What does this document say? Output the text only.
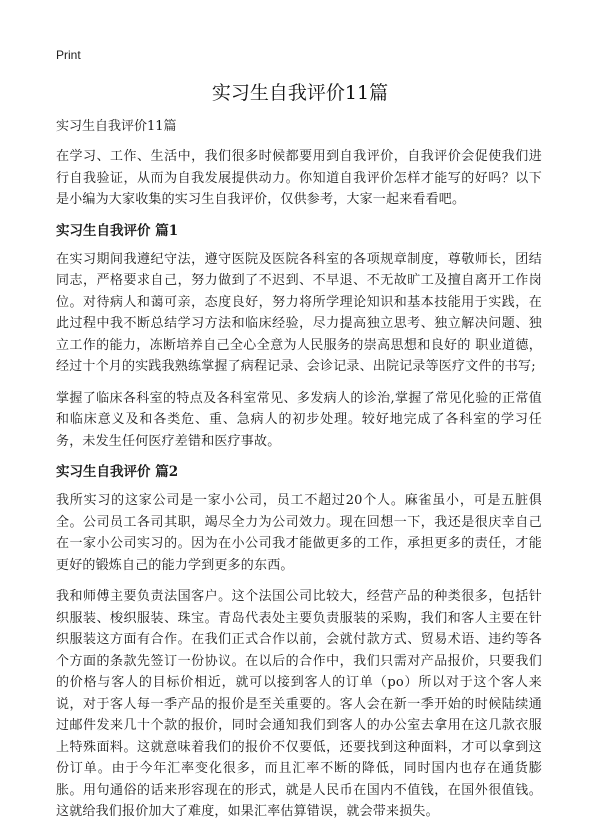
Print
实习生自我评价11篇

实习生自我评价11篇

在学习、工作、生活中，我们很多时候都要用到自我评价，自我评价会促使我们进行自我验证，从而为自我发展提供动力。你知道自我评价怎样才能写的好吗？以下是小编为大家收集的实习生自我评价，仅供参考，大家一起来看看吧。

实习生自我评价 篇1

在实习期间我遵纪守法，遵守医院及医院各科室的各项规章制度，尊敬师长，团结同志，严格要求自己，努力做到了不迟到、不早退、不无故旷工及擅自离开工作岗位。对待病人和蔼可亲，态度良好，努力将所学理论知识和基本技能用于实践，在此过程中我不断总结学习方法和临床经验，尽力提高独立思考、独立解决问题、独立工作的能力，冻断培养自己全心全意为人民服务的崇高思想和良好的 职业道德，经过十个月的实践我熟练掌握了病程记录、会诊记录、出院记录等医疗文件的书写;

掌握了临床各科室的特点及各科室常见、多发病人的诊治,掌握了常见化验的正常值和临床意义及和各类危、重、急病人的初步处理。较好地完成了各科室的学习任务，未发生任何医疗差错和医疗事故。

实习生自我评价 篇2

我所实习的这家公司是一家小公司，员工不超过20个人。麻雀虽小，可是五脏俱全。公司员工各司其职，竭尽全力为公司效力。现在回想一下，我还是很庆幸自己在一家小公司实习的。因为在小公司我才能做更多的工作，承担更多的责任，才能更好的锻炼自己的能力学到更多的东西。

我和师傅主要负责法国客户。这个法国公司比较大，经营产品的种类很多，包括针织服装、梭织服装、珠宝。青岛代表处主要负责服装的采购，我们和客人主要在针织服装这方面有合作。在我们正式合作以前，会就付款方式、贸易术语、违约等各个方面的条款先签订一份协议。在以后的合作中，我们只需对产品报价，只要我们的价格与客人的目标价相近，就可以接到客人的订单（po）所以对于这个客人来说，对于客人每一季产品的报价是至关重要的。客人会在新一季开始的时候陆续通过邮件发来几十个款的报价，同时会通知我们到客人的办公室去拿用在这几款衣服上特殊面料。这就意味着我们的报价不仅要低，还要找到这种面料，才可以拿到这份订单。由于今年汇率变化很多，而且汇率不断的降低，同时国内也存在通货膨胀。用句通俗的话来形容现在的形式，就是人民币在国内不值钱，在国外很值钱。这就给我们报价加大了难度，如果汇率估算错误，就会带来损失。
